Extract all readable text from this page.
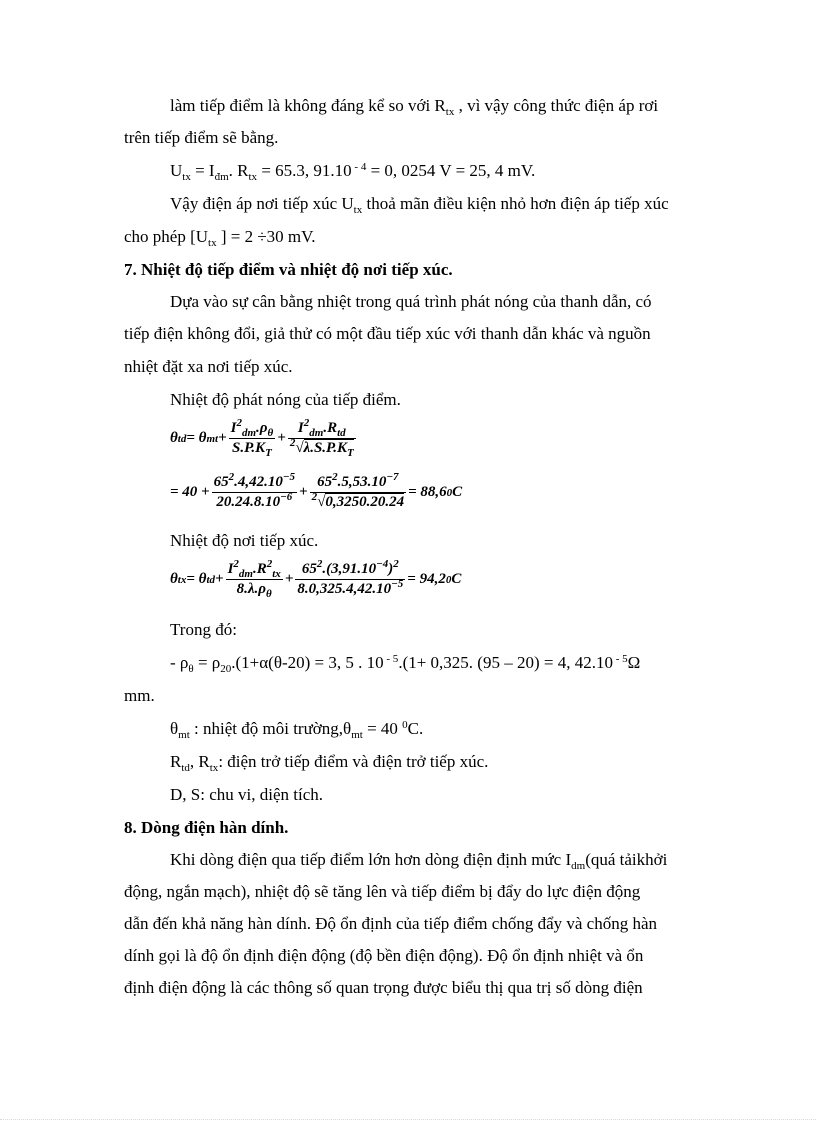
làm tiếp điểm là không đáng kể so với $R_{tx}$ , vì vậy công thức điện áp rơi
trên tiếp điểm sẽ bằng.
$U_{tx} = I_{đm}$. $R_{tx} = 65.3$, 91.10 $^{- 4}$ = 0, 0254 V = 25, 4 mV.
Vậy điện áp nơi tiếp xúc $U_{tx}$ thoả mãn điều kiện nhỏ hơn điện áp tiếp xúc
cho phép [$U_{tx}$ ] = 2 ÷30 mV.
7. Nhiệt độ tiếp điểm và nhiệt độ nơi tiếp xúc.
Dựa vào sự cân bằng nhiệt trong quá trình phát nóng của thanh dẫn, có
tiếp điện không đổi, giả thử có một đầu tiếp xúc với thanh dẫn khác và nguồn
nhiệt đặt xa nơi tiếp xúc.
Nhiệt độ phát nóng của tiếp điểm.
θ td = θ mt + $\frac{I^2_{dm}.\rho_\theta}{S.P.K_T} + \frac{I^2_{dm}.R_{td}}{^2√\lambda.S.P.K_T}$
= $40 + \frac{65^2.4,42.10^{-5}}{20.24.8.10^{-6}} + \frac{65^2.5,53.10^{-7}}{^2√0,3250.20.24} = 88,6$ 0 C
Nhiệt độ nơi tiếp xúc.
θ tx = θ td + $\frac{I^2_{dm}.R^2_{tx}}{8.\lambda.\rho_\theta} + \frac{65^2.(3,91.10^{-4})^2}{8.0,325.4,42.10^{-5}} = 94,2$ 0 C
Trong đó:
- $\rho_\theta = \rho_{20}.(1+\alpha(\theta-20) = 3$, 5 . 10 $^{- 5}$.(1+ 0,325. (95 – 20) = 4, 42.10 $^{- 5}$Ω
mm.
$\theta_{mt}$ : nhiệt độ môi $trường,\theta_{mt} = 40$ $^0$C.
$R_{td}$, $R_{tx}$: điện trở tiếp điểm và điện trở tiếp xúc.
D, S: chu vi, diện tích.
8. Dòng điện hàn dính.
Khi dòng điện qua tiếp điểm lớn hơn dòng điện định mức $I_{dm}(quá$ tảikhởi
động, ngắn mạch), nhiệt độ sẽ tăng lên và tiếp điểm bị đẩy do lực điện động
dẫn đến khả năng hàn dính. Độ ổn định của tiếp điểm chống đẩy và chống hàn
dính gọi là độ ổn định điện động (độ bền điện động). Độ ổn định nhiệt và ổn
định điện động là các thông số quan trọng được biểu thị qua trị số dòng điện
